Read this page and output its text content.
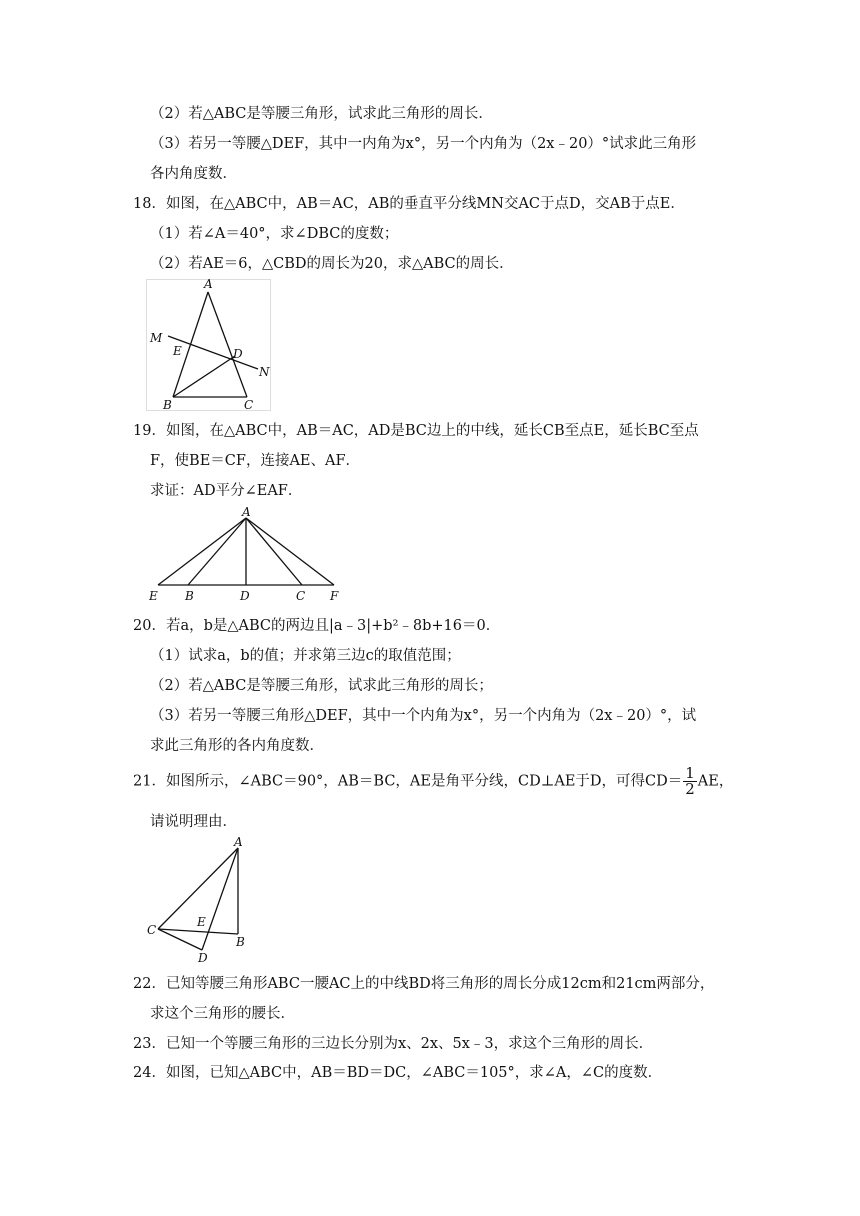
（2）若△ABC是等腰三角形，试求此三角形的周长．
（3）若另一等腰△DEF，其中一内角为x°，另一个内角为（2x﹣20）°试求此三角形
各内角度数．
18．如图，在△ABC中，AB＝AC，AB的垂直平分线MN交AC于点D，交AB于点E．
（1）若∠A＝40°，求∠DBC的度数；
（2）若AE＝6，△CBD的周长为20，求△ABC的周长．
A
M
E	D
N
B	C
19．如图，在△ABC中，AB＝AC，AD是BC边上的中线，延长CB至点E，延长BC至点
F，使BE＝CF，连接AE、AF．
求证：AD平分∠EAF．
A
E B	D	C F
20．若a，b是△ABC的两边且|a﹣3|+b²﹣8b+16＝0．
（1）试求a，b的值；并求第三边c的取值范围；
（2）若△ABC是等腰三角形，试求此三角形的周长；
（3）若另一等腰三角形△DEF，其中一个内角为x°，另一个内角为（2x﹣20）°，试
求此三角形的各内角度数．
21．如图所示，∠ABC＝90°，AB＝BC，AE是角平分线，CD⊥AE于D，可得$CD= \frac{1}{2}$ AE，
请说明理由．
A
C
E
B
D
22．已知等腰三角形ABC一腰AC上的中线BD将三角形的周长分成12cm和21cm两部分，
求这个三角形的腰长．
23．已知一个等腰三角形的三边长分别为x、2x、5x﹣3，求这个三角形的周长．
24．如图，已知△ABC中，AB＝BD＝DC，∠ABC＝105°，求∠A，∠C的度数．
